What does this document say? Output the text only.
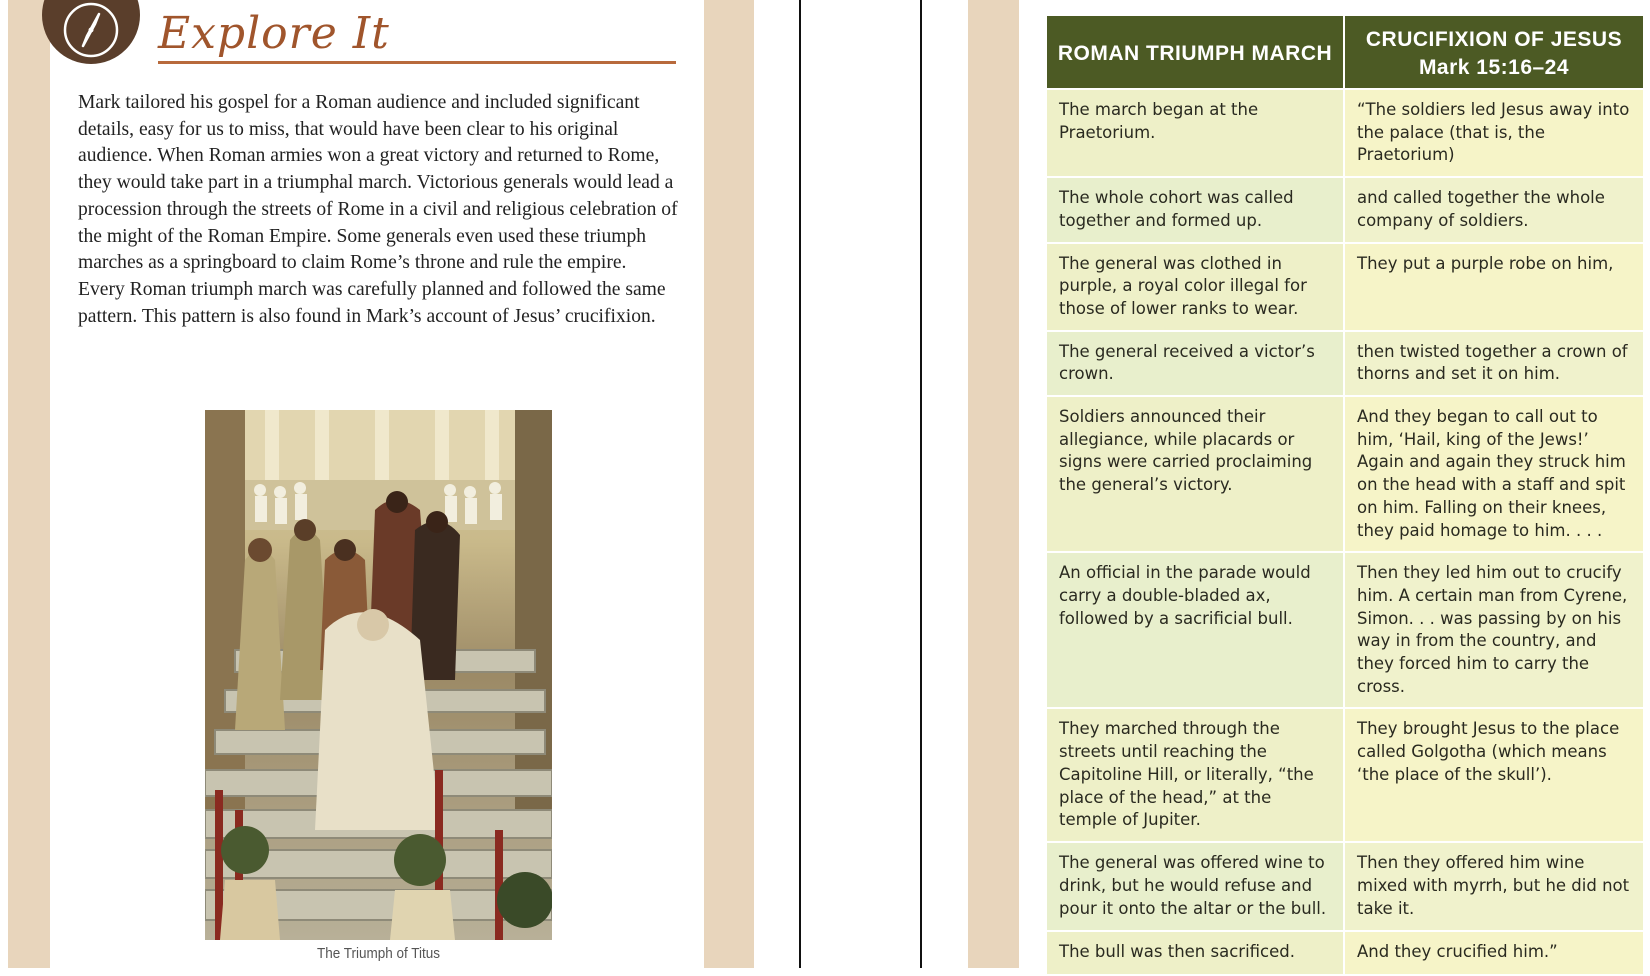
Explore It
Mark tailored his gospel for a Roman audience and included significant details, easy for us to miss, that would have been clear to his original audience. When Roman armies won a great victory and returned to Rome, they would take part in a triumphal march. Victorious generals would lead a procession through the streets of Rome in a civil and religious celebration of the might of the Roman Empire. Some generals even used these triumph marches as a springboard to claim Rome’s throne and rule the empire. Every Roman triumph march was carefully planned and followed the same pattern. This pattern is also found in Mark’s account of Jesus’ crucifixion.
The Triumph of Titus
ROMAN TRIUMPH MARCH	CRUCIFIXION OF JESUS Mark 15:16–24
The march began at the Praetorium.	“The soldiers led Jesus away into the palace (that is, the Praetorium)
The whole cohort was called together and formed up.	and called together the whole company of soldiers.
The general was clothed in purple, a royal color illegal for those of lower ranks to wear.	They put a purple robe on him,
The general received a victor’s crown.	then twisted together a crown of thorns and set it on him.
Soldiers announced their allegiance, while placards or signs were carried proclaiming the general’s victory.	And they began to call out to him, ‘Hail, king of the Jews!’ Again and again they struck him on the head with a staff and spit on him. Falling on their knees, they paid homage to him. . . .
An official in the parade would carry a double-bladed ax, followed by a sacrificial bull.	Then they led him out to crucify him. A certain man from Cyrene, Simon. . . was passing by on his way in from the country, and they forced him to carry the cross.
They marched through the streets until reaching the Capitoline Hill, or literally, “the place of the head,” at the temple of Jupiter.	They brought Jesus to the place called Golgotha (which means ‘the place of the skull’).
The general was offered wine to drink, but he would refuse and pour it onto the altar or the bull.	Then they offered him wine mixed with myrrh, but he did not take it.
The bull was then sacrificed.	And they crucified him.”
